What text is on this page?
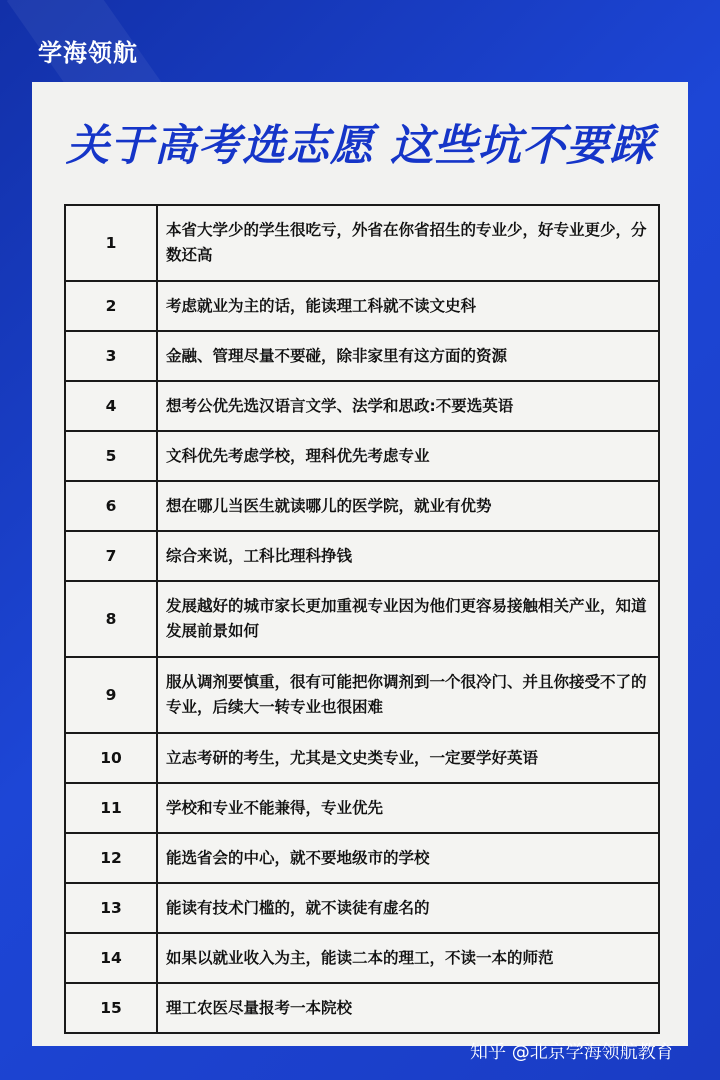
学海领航
关于高考选志愿 这些坑不要踩
1	本省大学少的学生很吃亏，外省在你省招生的专业少，好专业更少，分数还高
2	考虑就业为主的话，能读理工科就不读文史科
3	金融、管理尽量不要碰，除非家里有这方面的资源
4	想考公优先选汉语言文学、法学和思政:不要选英语
5	文科优先考虑学校，理科优先考虑专业
6	想在哪儿当医生就读哪儿的医学院，就业有优势
7	综合来说，工科比理科挣钱
8	发展越好的城市家长更加重视专业因为他们更容易接触相关产业，知道发展前景如何
9	服从调剂要慎重，很有可能把你调剂到一个很冷门、并且你接受不了的专业，后续大一转专业也很困难
10	立志考研的考生，尤其是文史类专业，一定要学好英语
11	学校和专业不能兼得，专业优先
12	能选省会的中心，就不要地级市的学校
13	能读有技术门槛的，就不读徒有虚名的
14	如果以就业收入为主，能读二本的理工，不读一本的师范
15	理工农医尽量报考一本院校
知乎 @北京学海领航教育
